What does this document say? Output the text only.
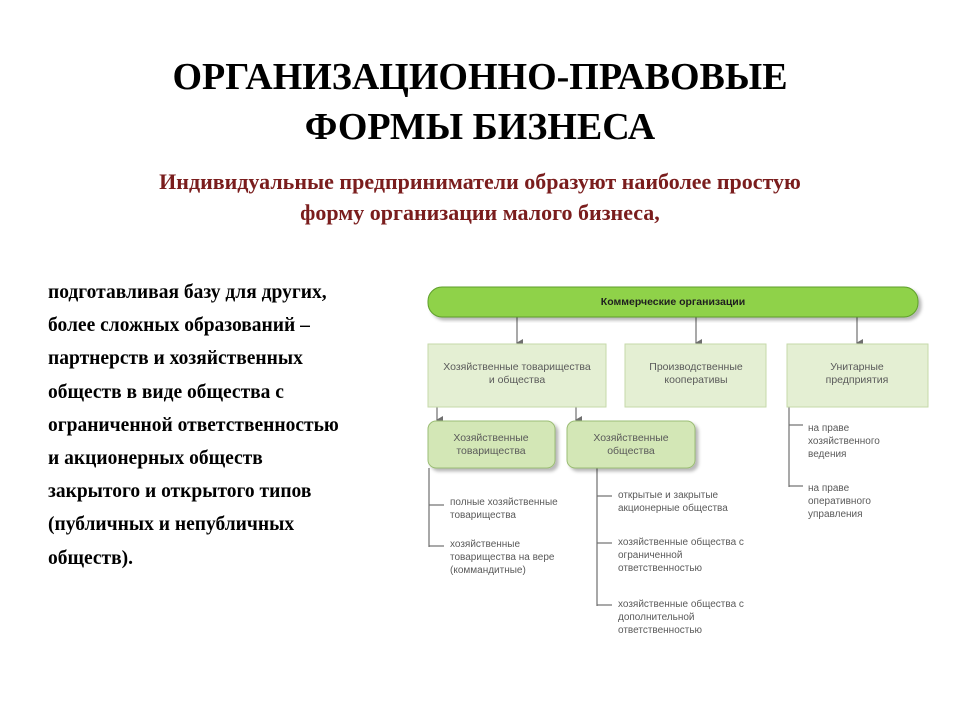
ОРГАНИЗАЦИОННО-ПРАВОВЫЕ
ФОРМЫ БИЗНЕСА
Индивидуальные предприниматели образуют наиболее простую
форму организации малого бизнеса,
подготавливая базу для других,
более сложных образований –
партнерств и хозяйственных
обществ в виде общества с
ограниченной ответственностью
и акционерных обществ
закрытого и открытого типов
(публичных и непубличных
обществ).
Коммерческие организации
Хозяйственные товарищества и общества
Производственные кооперативы
Унитарные предприятия
Хозяйственные товарищества
Хозяйственные общества
полные хозяйственные товарищества
хозяйственные товарищества на вере (коммандитные)
открытые и закрытые акционерные общества
хозяйственные общества с ограниченной ответственностью
хозяйственные общества с дополнительной ответственностью
на праве хозяйственного ведения
на праве оперативного управления
